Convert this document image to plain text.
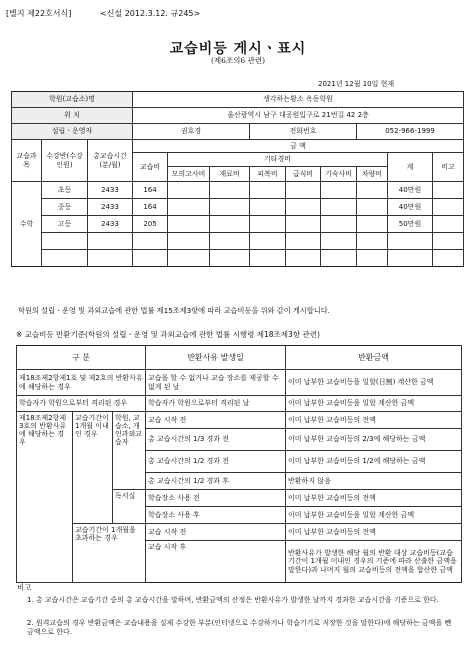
[별지 제22호서식]	<신설 2012.3.12. 규245>
교습비등 게시ㆍ표시
(제6조의6 관련)
2021년 12월 10일 현재
학원(교습소)명			생각하는황소 옥동학원								
위 치			울산광역시 남구 대공원입구로 21번길 42 2층								
설립ㆍ운영자			권호경			전화번호			052-966-1999		
교습과목	수강반(수강인원)	총교습시간(분/월)	금 액								
			교습비	기타경비						계	비고
				모의고사비	재료비	피복비	급식비	기숙사비	차량비		
수학	초등	2433	164							40만원	
	중등	2433	164							40만원	
	고등	2433	205							50만원	

학원의 설립ㆍ운영 및 과외교습에 관한 법률 제15조제3항에 따라 교습비등을 위와 같이 게시합니다.
※ 교습비등 반환기준(학원의 설립ㆍ운영 및 과외교습에 관한 법률 시행령 제18조제3항 관련)
구 분			반환사유 발생일	반환금액
제18조제2항제1호 및 제2호의 반환사유에 해당하는 경우			교습을 할 수 없거나 교습 장소를 제공할 수 없게 된 날	이미 납부한 교습비등을 일할(日割) 계산한 금액
학습자가 학원으로부터 격리된 경우			학습자가 학원으로부터 격리된 날	이미 납부한 교습비등을 일할 계산한 금액
제18조제2항제3호의 반환사유에 해당하는 경우	교습기간이 1개월 이내인 경우	학원, 교습소, 개인과외교습자	교습 시작 전	이미 납부한 교습비등의 전액
			총 교습시간의 1/3 경과 전	이미 납부한 교습비등의 2/3에 해당하는 금액
			총 교습시간의 1/2 경과 전	이미 납부한 교습비등의 1/2에 해당하는 금액
			총 교습시간의 1/2 경과 후	반환하지 않음
		독서실	학습장소 사용 전	이미 납부한 교습비등의 전액
			학습장소 사용 후	이미 납부한 교습비등을 일할 계산한 금액
	교습기간이 1개월을 초과하는 경우		교습 시작 전	이미 납부한 교습비등의 전액
			교습 시작 후	반환사유가 발생한 해당 월의 반환 대상 교습비등(교습기간이 1개월 이내인 경우의 기준에 따라 산출한 금액을 말한다)과 나머지 월의 교습비등의 전액을 합산한 금액
비고
1. 총 교습시간은 교습기간 중의 총 교습시간을 말하며, 반환금액의 산정은 반환사유가 발생한 날까지 경과한 교습시간을 기준으로 한다.
2. 원격교습의 경우 반환금액은 교습내용을 실제 수강한 부분(인터넷으로 수강하거나 학습기기로 저장한 것을 말한다)에 해당하는 금액을 뺀 금액으로 한다.
